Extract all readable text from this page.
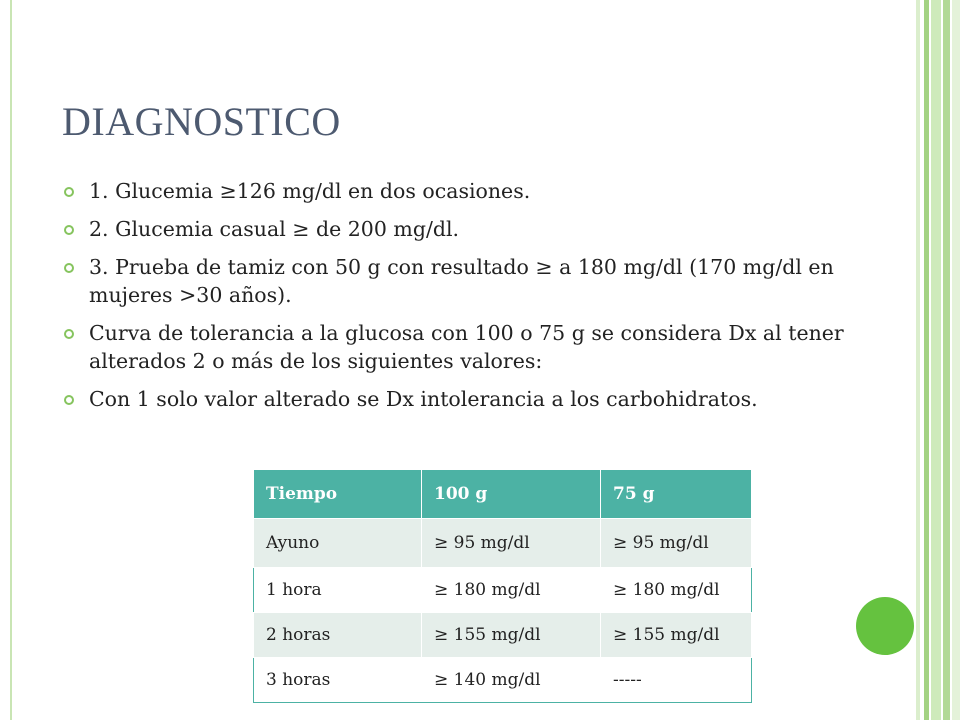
DIAGNOSTICO
1. Glucemia ≥126 mg/dl en dos ocasiones.
2. Glucemia casual ≥ de 200 mg/dl.
3. Prueba de tamiz con 50 g con resultado ≥ a 180 mg/dl (170 mg/dl en mujeres >30 años).
Curva de tolerancia a la glucosa con 100 o 75 g se considera Dx al tener alterados 2 o más de los siguientes valores:
Con 1 solo valor alterado se Dx intolerancia a los carbohidratos.
Tiempo	100 g	75 g
Ayuno	≥ 95 mg/dl	≥ 95 mg/dl
1 hora	≥ 180 mg/dl	≥ 180 mg/dl
2 horas	≥ 155 mg/dl	≥ 155 mg/dl
3 horas	≥ 140 mg/dl	-----
